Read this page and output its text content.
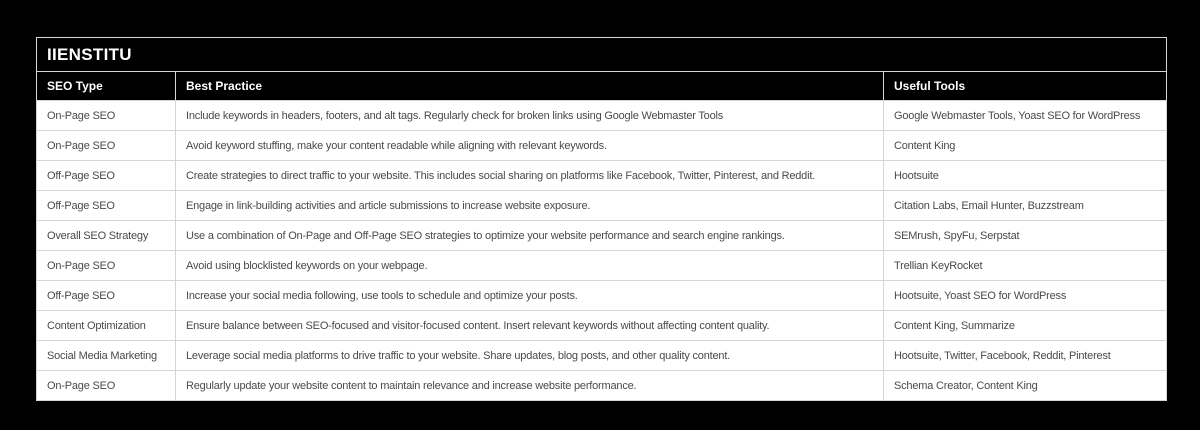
IIENSTITU		
SEO Type	Best Practice	Useful Tools
On-Page SEO	Include keywords in headers, footers, and alt tags. Regularly check for broken links using Google Webmaster Tools	Google Webmaster Tools, Yoast SEO for WordPress
On-Page SEO	Avoid keyword stuffing, make your content readable while aligning with relevant keywords.	Content King
Off-Page SEO	Create strategies to direct traffic to your website. This includes social sharing on platforms like Facebook, Twitter, Pinterest, and Reddit.	Hootsuite
Off-Page SEO	Engage in link-building activities and article submissions to increase website exposure.	Citation Labs, Email Hunter, Buzzstream
Overall SEO Strategy	Use a combination of On-Page and Off-Page SEO strategies to optimize your website performance and search engine rankings.	SEMrush, SpyFu, Serpstat
On-Page SEO	Avoid using blocklisted keywords on your webpage.	Trellian KeyRocket
Off-Page SEO	Increase your social media following, use tools to schedule and optimize your posts.	Hootsuite, Yoast SEO for WordPress
Content Optimization	Ensure balance between SEO-focused and visitor-focused content. Insert relevant keywords without affecting content quality.	Content King, Summarize
Social Media Marketing	Leverage social media platforms to drive traffic to your website. Share updates, blog posts, and other quality content.	Hootsuite, Twitter, Facebook, Reddit, Pinterest
On-Page SEO	Regularly update your website content to maintain relevance and increase website performance.	Schema Creator, Content King
